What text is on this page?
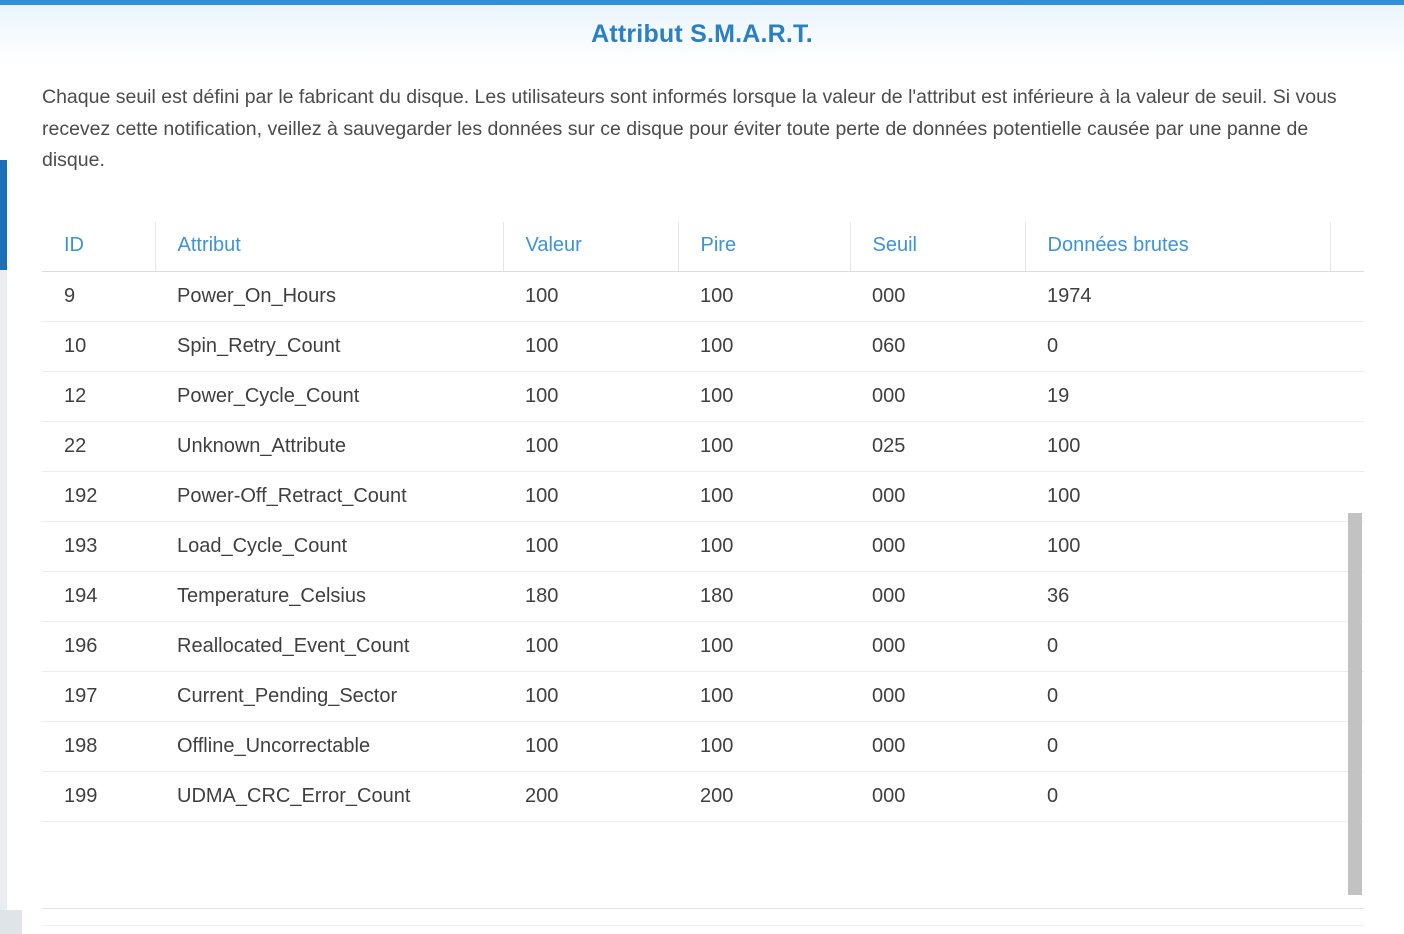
Attribut S.M.A.R.T.
Chaque seuil est défini par le fabricant du disque. Les utilisateurs sont informés lorsque la valeur de l'attribut est inférieure à la valeur de seuil. Si vous recevez cette notification, veillez à sauvegarder les données sur ce disque pour éviter toute perte de données potentielle causée par une panne de disque.
ID	Attribut	Valeur	Pire	Seuil	Données brutes	
9	Power_On_Hours	100	100	000	1974	
10	Spin_Retry_Count	100	100	060	0	
12	Power_Cycle_Count	100	100	000	19	
22	Unknown_Attribute	100	100	025	100	
192	Power-Off_Retract_Count	100	100	000	100	
193	Load_Cycle_Count	100	100	000	100	
194	Temperature_Celsius	180	180	000	36	
196	Reallocated_Event_Count	100	100	000	0	
197	Current_Pending_Sector	100	100	000	0	
198	Offline_Uncorrectable	100	100	000	0	
199	UDMA_CRC_Error_Count	200	200	000	0	
